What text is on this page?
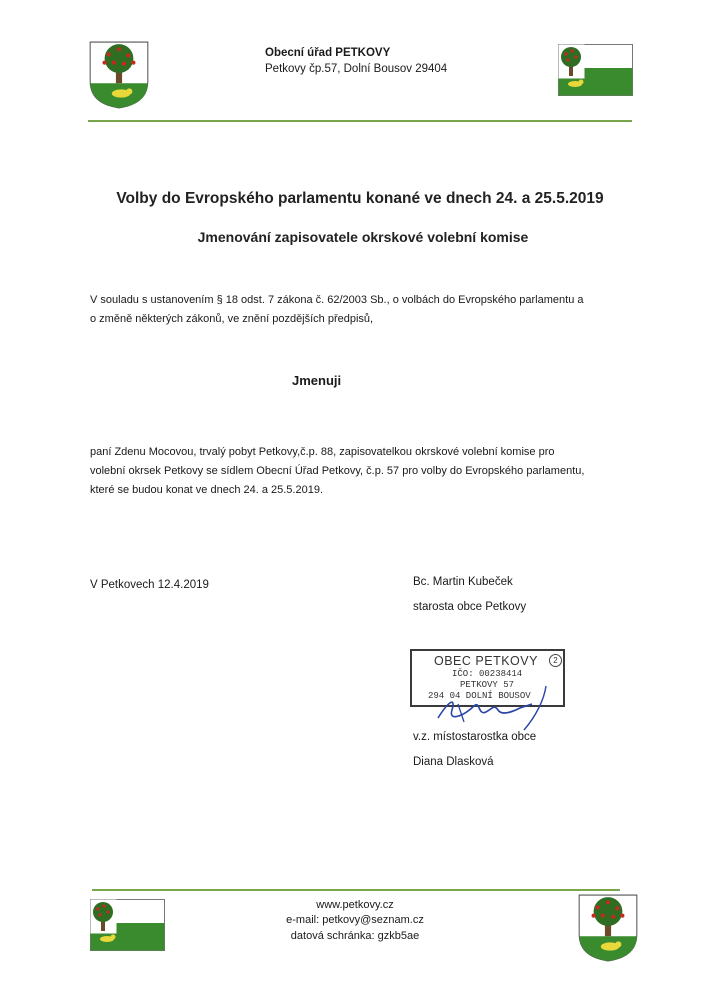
Obecní úřad PETKOVY
Petkovy čp.57, Dolní Bousov 29404
Volby do Evropského parlamentu konané ve dnech 24. a 25.5.2019
Jmenování zapisovatele okrskové volební komise
V souladu s ustanovením § 18 odst. 7 zákona č. 62/2003 Sb., o volbách do Evropského parlamentu a
o změně některých zákonů, ve znění pozdějších předpisů,
Jmenuji
paní Zdenu Mocovou, trvalý pobyt Petkovy,č.p. 88, zapisovatelkou okrskové volební komise pro
volební okrsek Petkovy se sídlem Obecní Úřad Petkovy, č.p. 57 pro volby do Evropského parlamentu,
které se budou konat ve dnech 24. a 25.5.2019.
V Petkovech 12.4.2019	Bc. Martin Kubeček
starosta obce Petkovy
OBEC PETKOVY	2
IČO: 00238414
PETKOVY 57
294 04 DOLNÍ BOUSOV
v.z. místostarostka obce
Diana Dlasková
www.petkovy.cz
e-mail: petkovy@seznam.cz
datová schránka: gzkb5ae
